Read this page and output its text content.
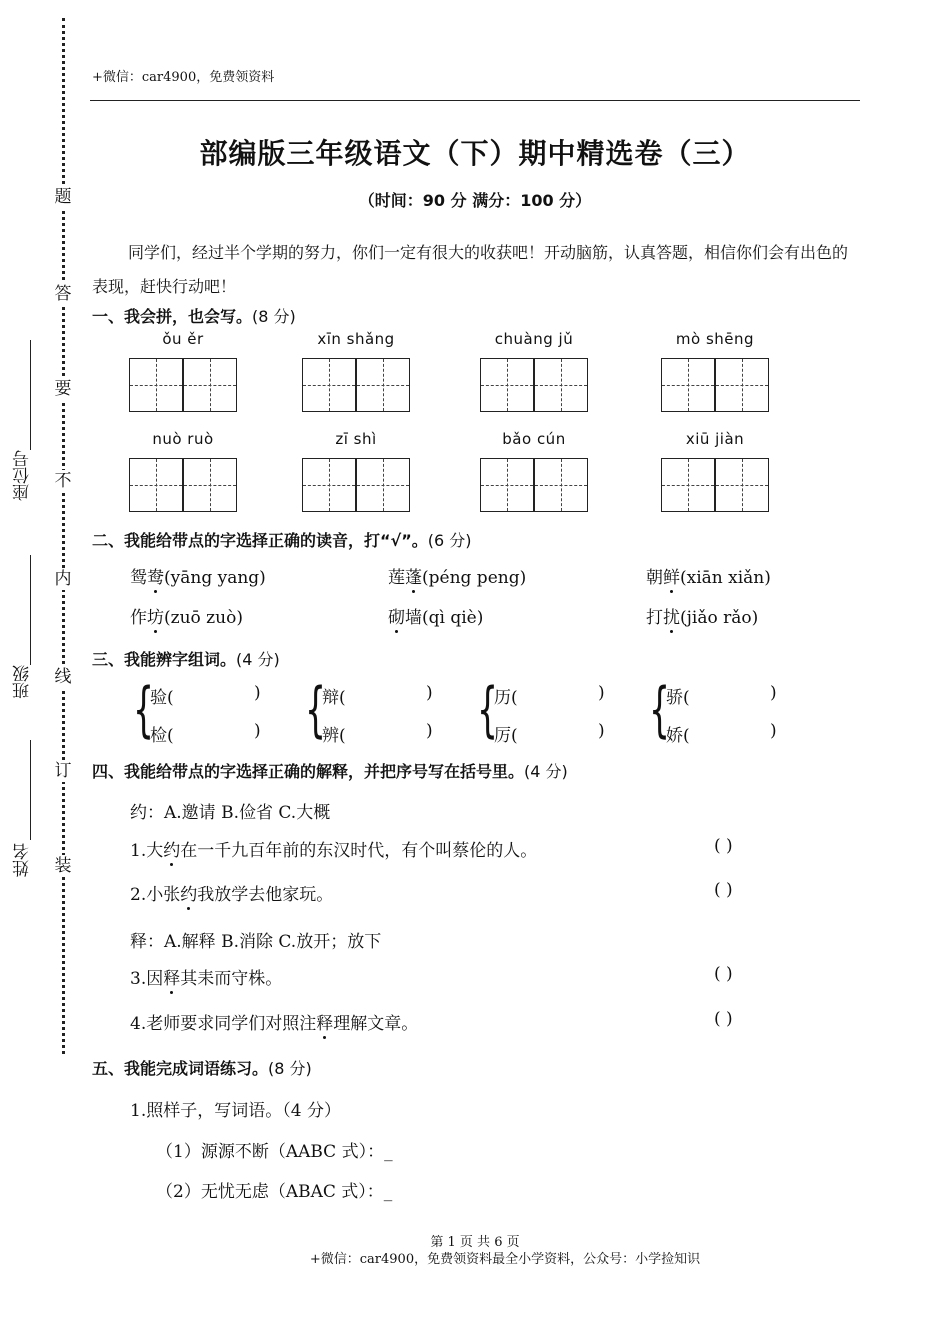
题
答
要
不
内
线
订
装
座位号
班级
姓名
+微信：car4900，免费领资料
部编版三年级语文（下）期中精选卷（三）
（时间：90 分 满分：100 分）
同学们，经过半个学期的努力，你们一定有很大的收获吧！开动脑筋，认真答题，相信你们会有出色的表现，赶快行动吧！
一、我会拼，也会写。(8 分)
ǒu ěr	xīn shǎng	chuàng jǔ	mò shēng
nuò ruò	zī shì	bǎo cún	xiū jiàn
二、我能给带点的字选择正确的读音，打“√”。(6 分)
鸳鸯(yāng yang)	莲蓬(péng peng)	朝鲜(xiān xiǎn)
作坊(zuō zuò)	砌墙(qì qiè)	打扰(jiǎo rǎo)
三、我能辨字组词。(4 分)
{
验(	)
检(	) {
辩(	)
辨(	) {
历(	)
厉(	) {
骄(	)
娇(	)
四、我能给带点的字选择正确的解释，并把序号写在括号里。(4 分)
约：A.邀请 B.俭省 C.大概
1.大约在一千九百年前的东汉时代，有个叫蔡伦的人。	( )
2.小张约我放学去他家玩。	( )
释：A.解释 B.消除 C.放开；放下
3.因释其耒而守株。	( )
4.老师要求同学们对照注释理解文章。	( )
五、我能完成词语练习。(8 分)
1.照样子，写词语。（4 分）
（1）源源不断（AABC 式）：_
（2）无忧无虑（ABAC 式）：_
第 1 页 共 6 页
+微信：car4900，免费领资料最全小学资料，公众号：小学捡知识
